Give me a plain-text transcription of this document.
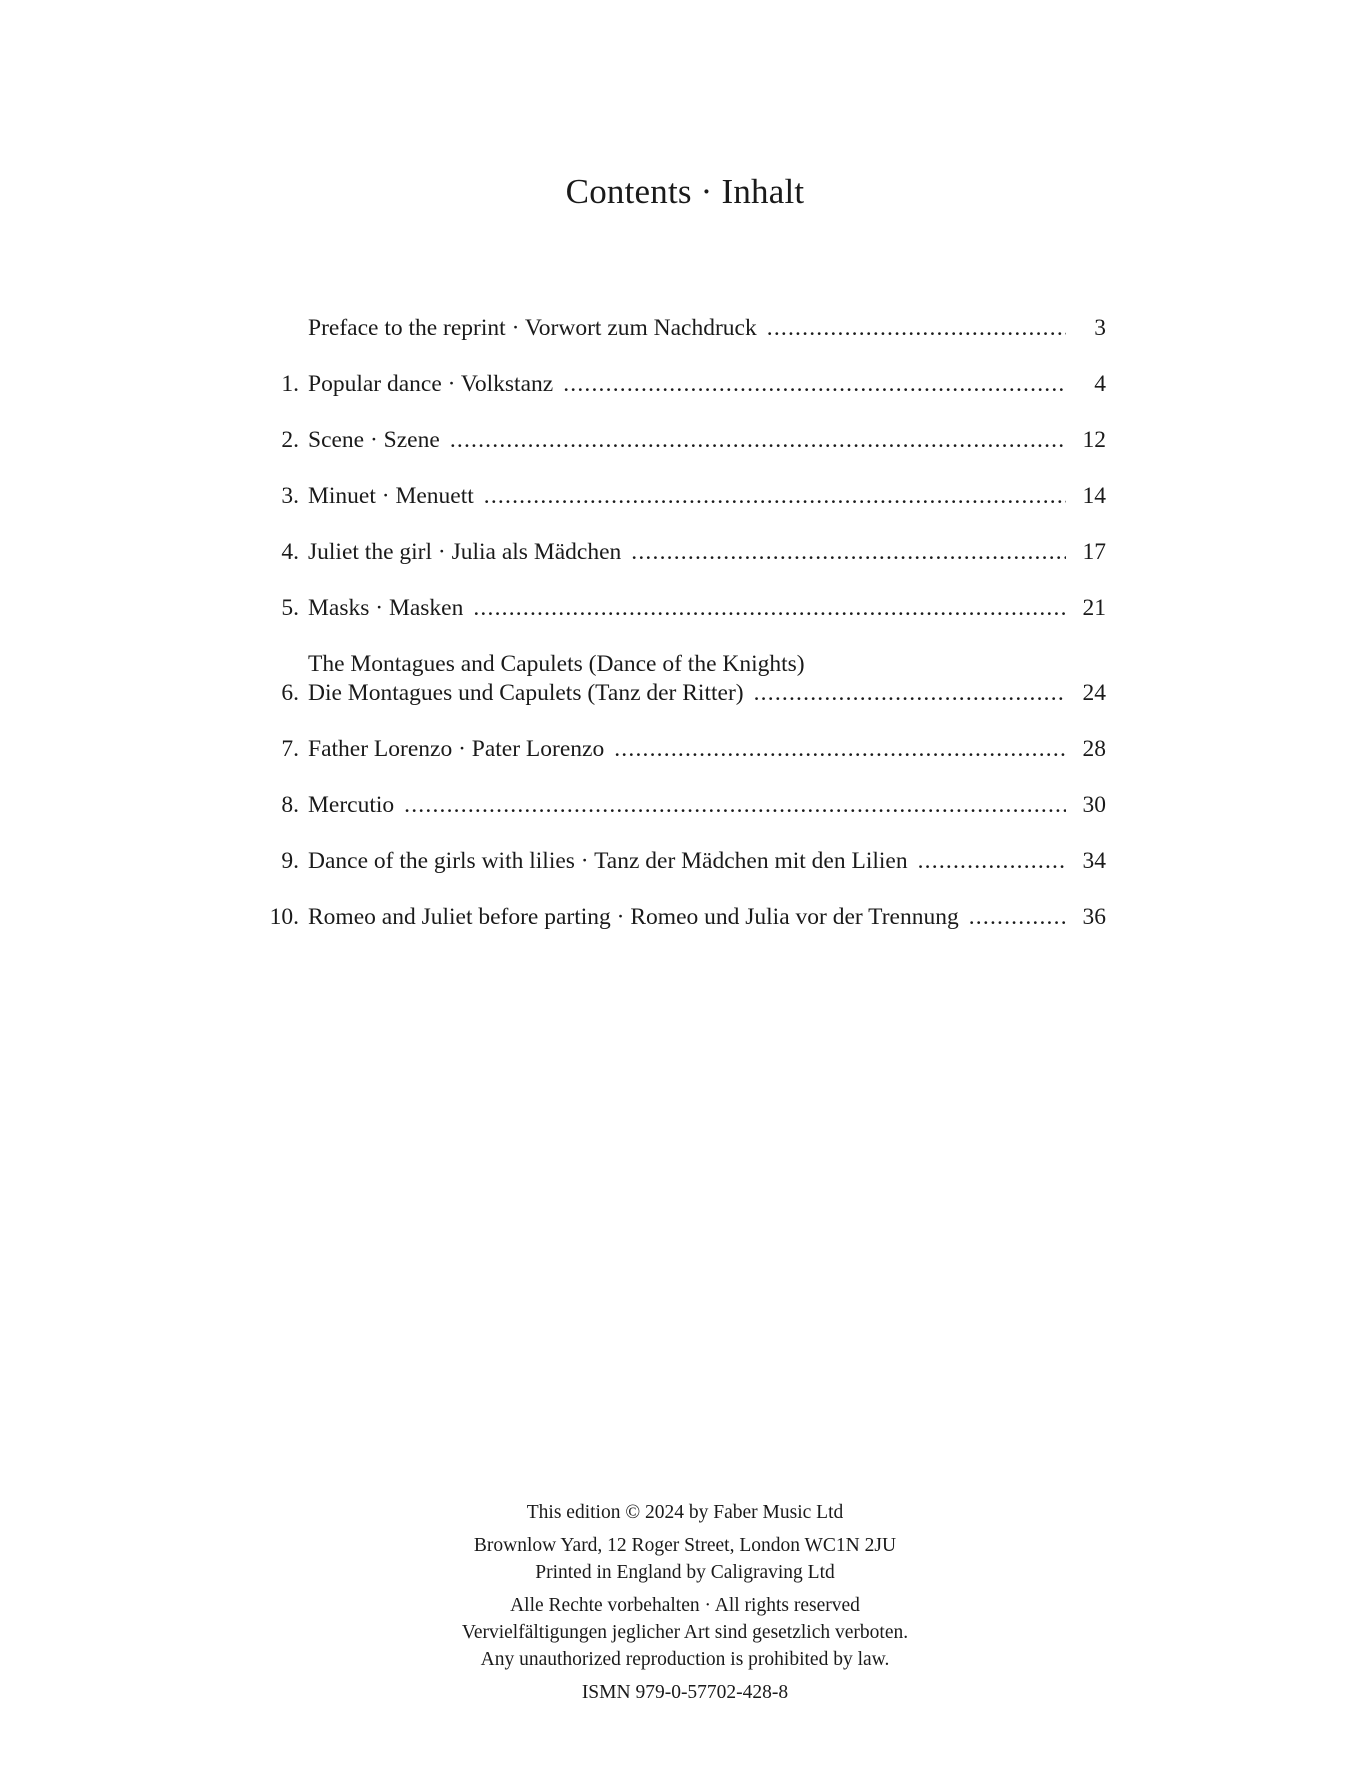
Contents · Inhalt
Preface to the reprint · Vorwort zum Nachdruck .....	3
1. Popular dance · Volkstanz .....	4
2. Scene · Szene .....	12
3. Minuet · Menuett .....	14
4. Juliet the girl · Julia als Mädchen .....	17
5. Masks · Masken .....	21
6.
The Montagues and Capulets (Dance of the Knights)
Die Montagues und Capulets (Tanz der Ritter) .....	24
7. Father Lorenzo · Pater Lorenzo .....	28
8. Mercutio .....	30
9. Dance of the girls with lilies · Tanz der Mädchen mit den Lilien .....	34
10. Romeo and Juliet before parting · Romeo und Julia vor der Trennung .....	36
This edition © 2024 by Faber Music Ltd
Brownlow Yard, 12 Roger Street, London WC1N 2JU
Printed in England by Caligraving Ltd
Alle Rechte vorbehalten · All rights reserved
Vervielfältigungen jeglicher Art sind gesetzlich verboten.
Any unauthorized reproduction is prohibited by law.
ISMN 979-0-57702-428-8
